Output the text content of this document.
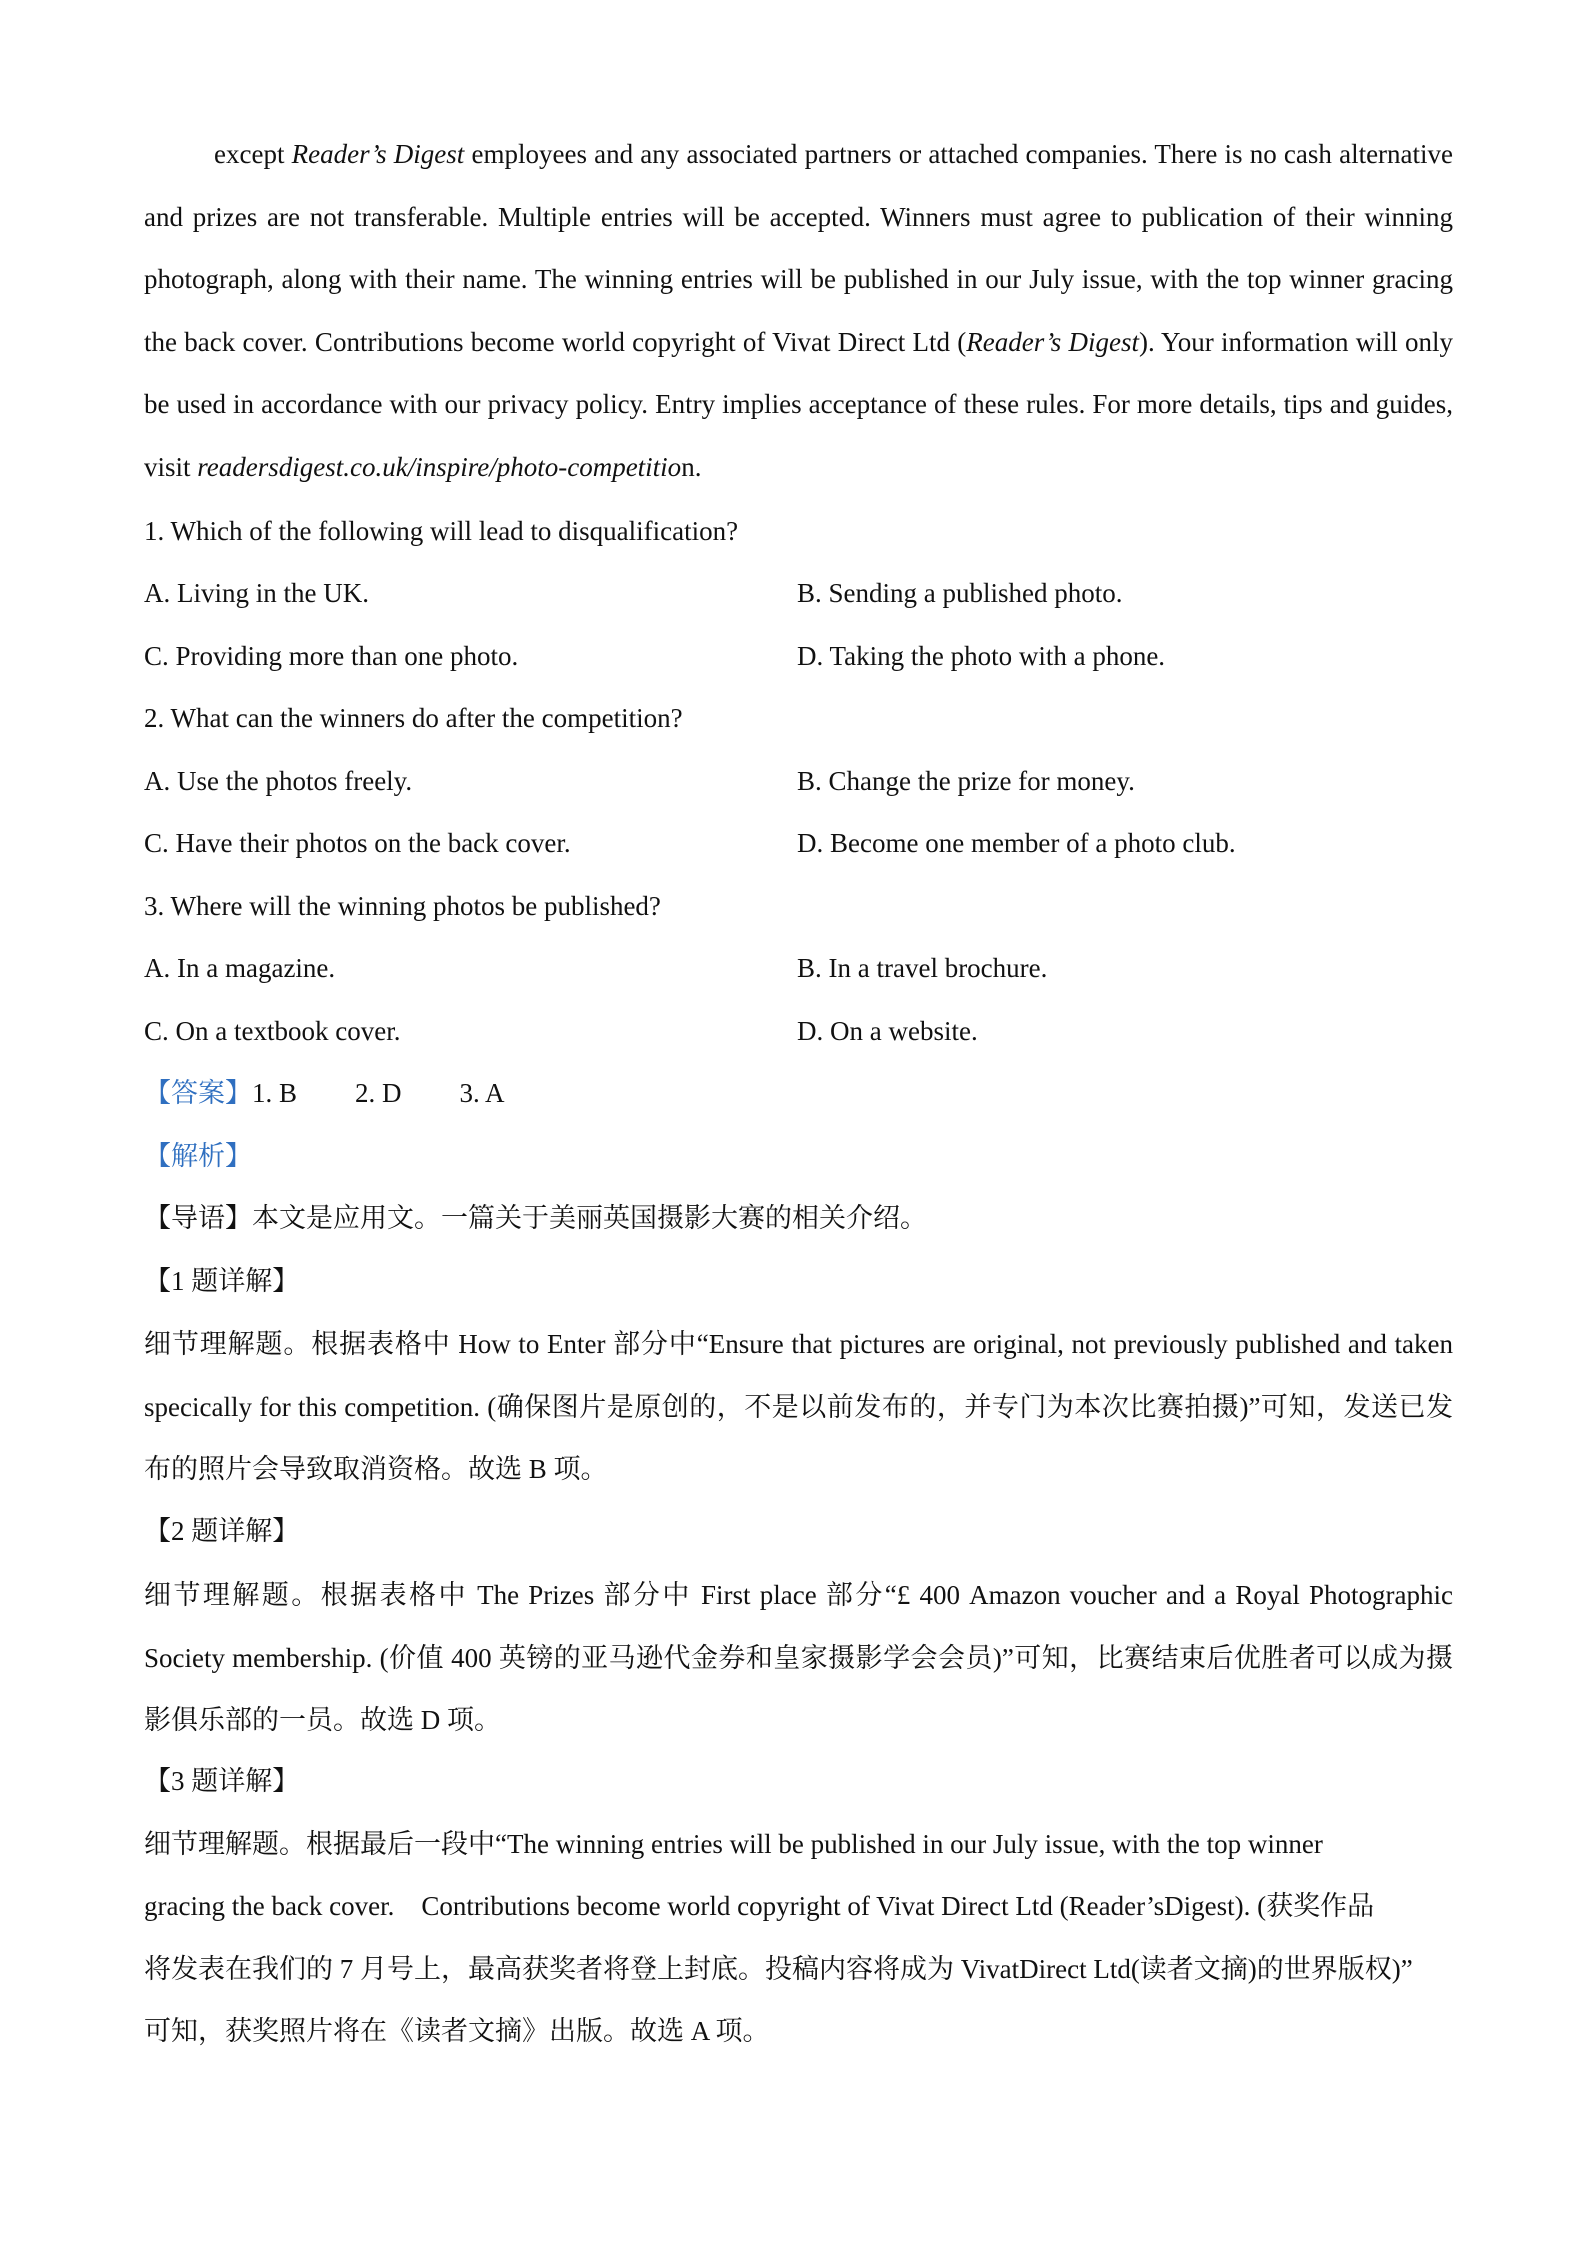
except Reader’s Digest employees and any associated partners or attached companies. There is no cash alternative and prizes are not transferable. Multiple entries will be accepted. Winners must agree to publication of their winning photograph, along with their name. The winning entries will be published in our July issue, with the top winner gracing the back cover. Contributions become world copyright of Vivat Direct Ltd (Reader’s Digest). Your information will only be used in accordance with our privacy policy. Entry implies acceptance of these rules. For more details, tips and guides, visit readersdigest.co.uk/inspire/photo-competition.

1. Which of the following will lead to disqualification?
A. Living in the UK.	B. Sending a published photo.
C. Providing more than one photo.	D. Taking the photo with a phone.
2. What can the winners do after the competition?
A. Use the photos freely.	B. Change the prize for money.
C. Have their photos on the back cover.	D. Become one member of a photo club.
3. Where will the winning photos be published?
A. In a magazine.	B. In a travel brochure.
C. On a textbook cover.	D. On a website.
【答案】1. B 2. D 3. A
【解析】
【导语】本文是应用文。一篇关于美丽英国摄影大赛的相关介绍。
【1 题详解】

细节理解题。根据表格中 How to Enter 部分中“Ensure that pictures are original, not previously published and taken specically for this competition. (确保图片是原创的，不是以前发布的，并专门为本次比赛拍摄)”可知，发送已发布的照片会导致取消资格。故选 B 项。

【2 题详解】

细节理解题。根据表格中 The Prizes 部分中 First place 部分“£ 400 Amazon voucher and a Royal Photographic Society membership. (价值 400 英镑的亚马逊代金券和皇家摄影学会会员)”可知，比赛结束后优胜者可以成为摄影俱乐部的一员。故选 D 项。

【3 题详解】
细节理解题。根据最后一段中“The winning entries will be published in our July issue, with the top winner
gracing the back cover.    Contributions become world copyright of Vivat Direct Ltd (Reader’sDigest). (获奖作品
将发表在我们的 7 月号上，最高获奖者将登上封底。投稿内容将成为 VivatDirect Ltd(读者文摘)的世界版权)”
可知，获奖照片将在《读者文摘》出版。故选 A 项。
